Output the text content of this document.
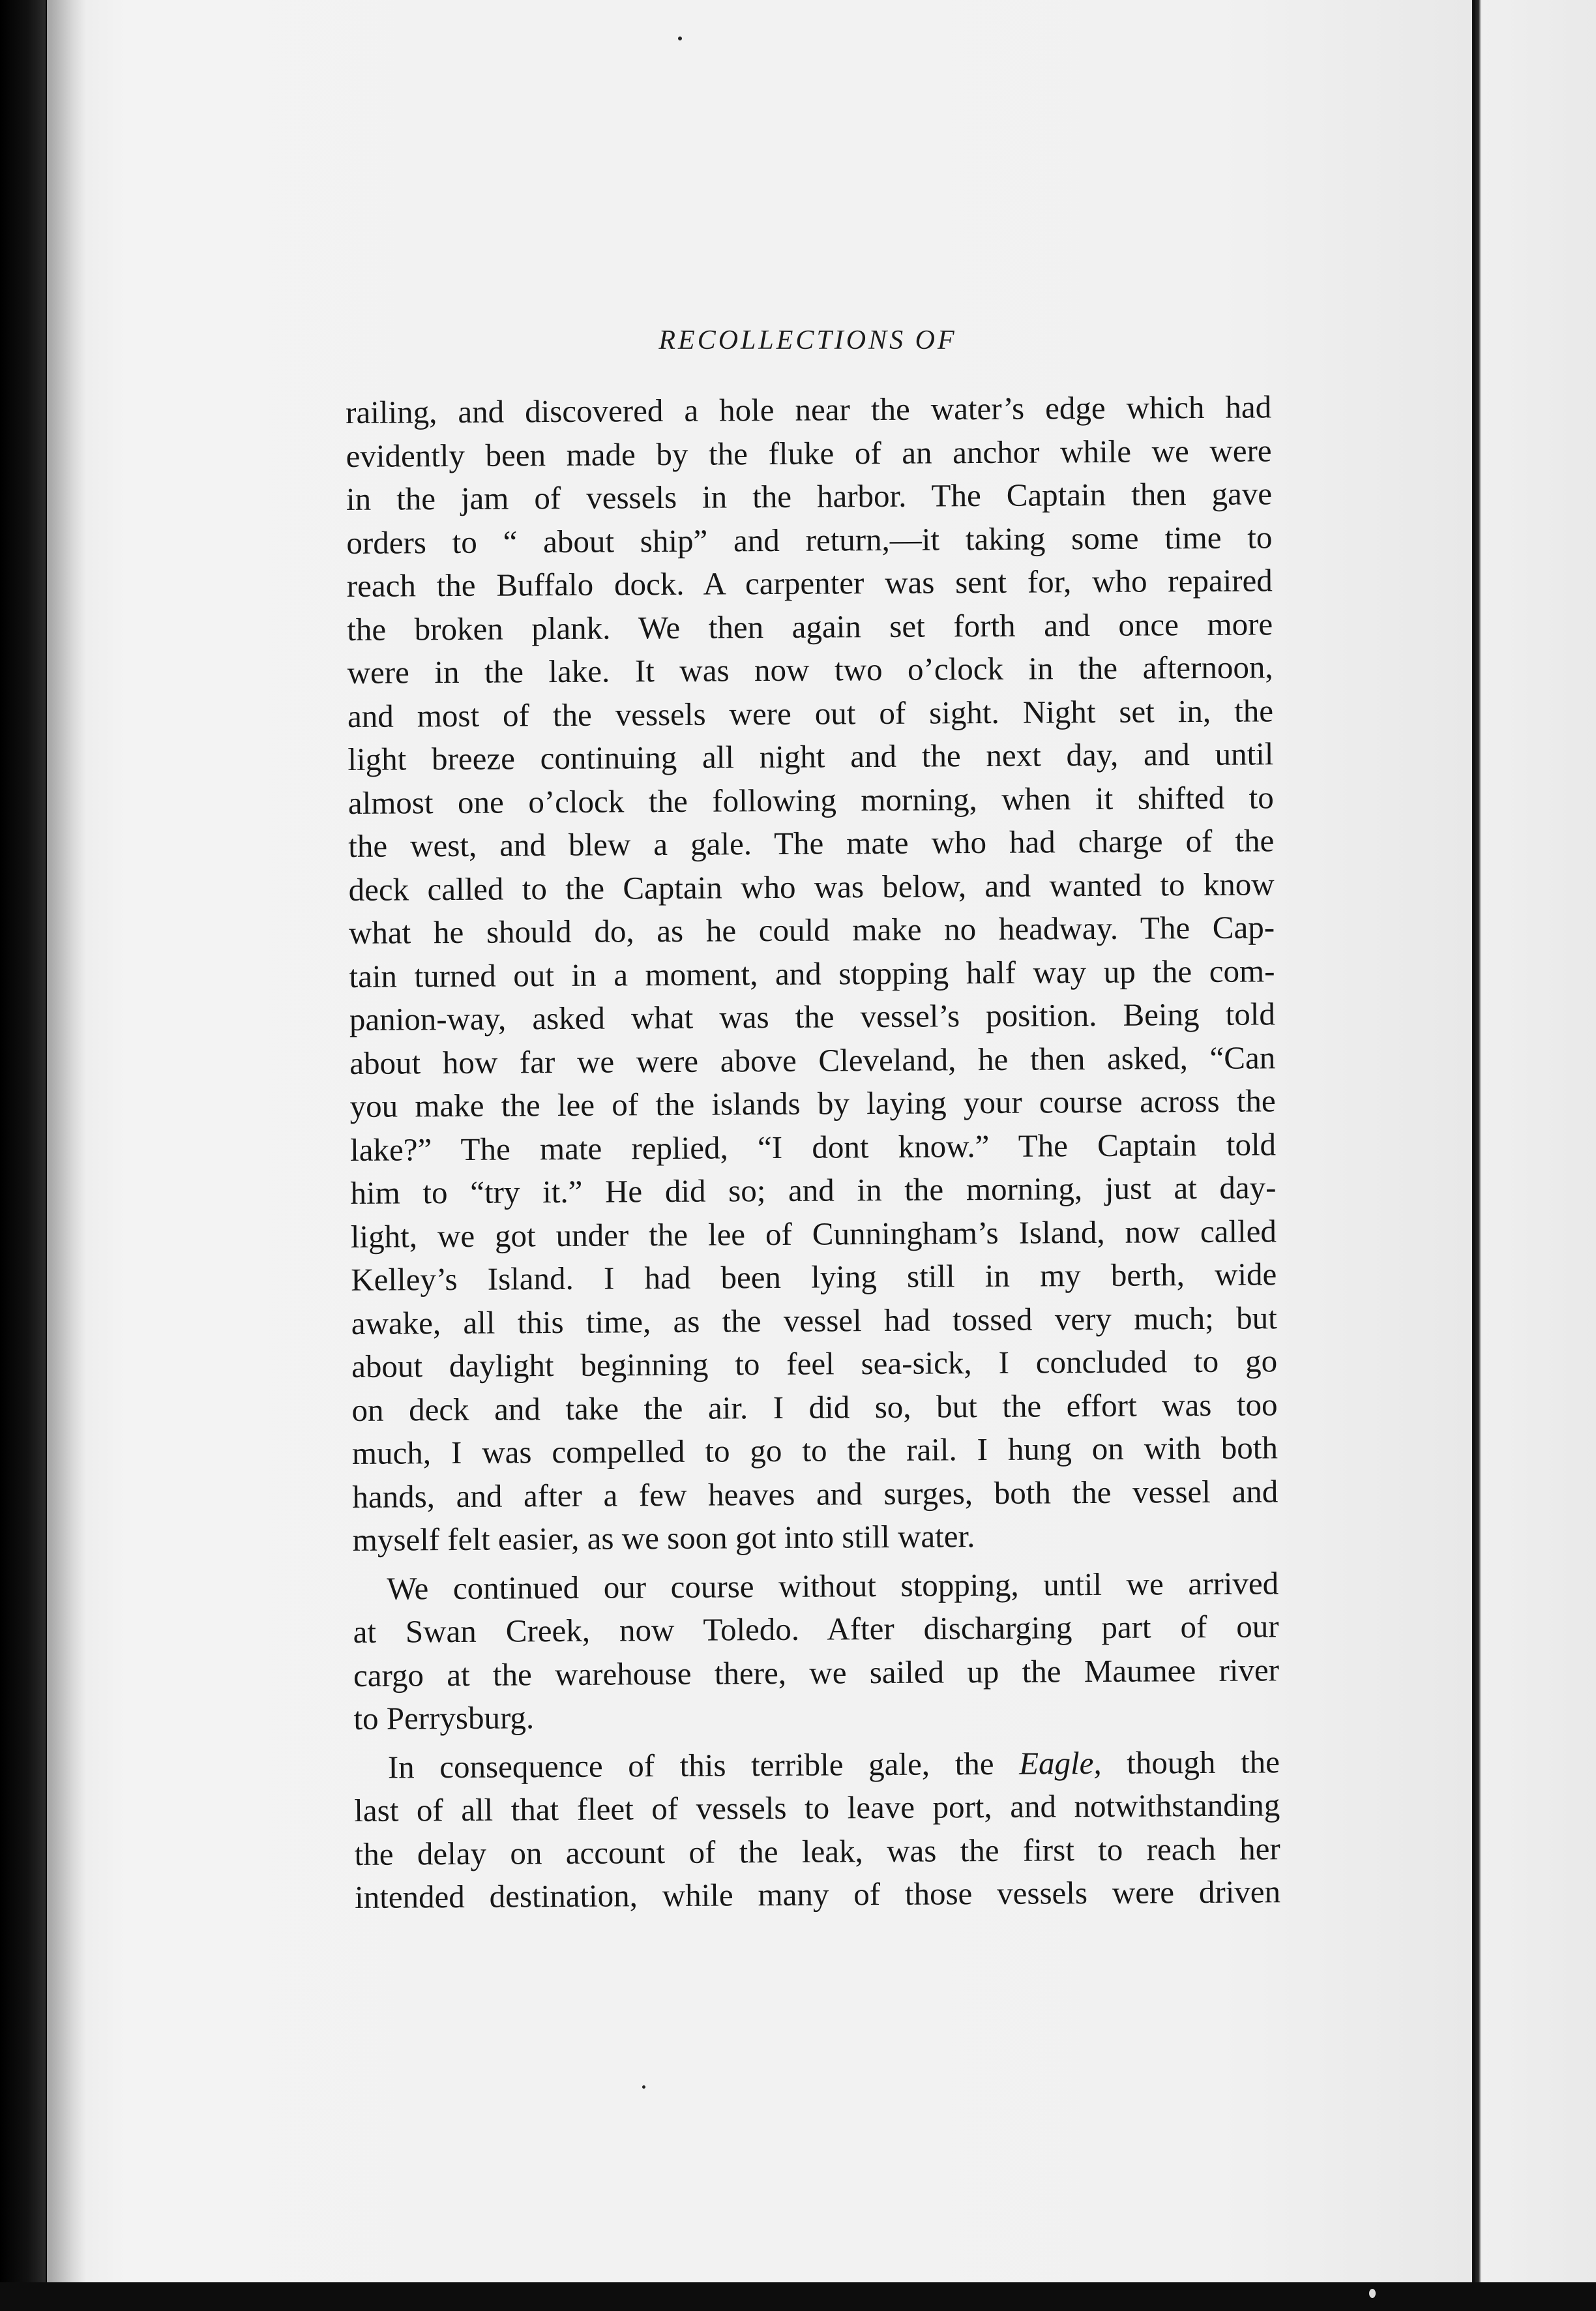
RECOLLECTIONS OF
railing, and discovered a hole near the water’s edge which had
evidently been made by the fluke of an anchor while we were
in the jam of vessels in the harbor. The Captain then gave
orders to “ about ship” and return,—it taking some time to
reach the Buffalo dock. A carpenter was sent for, who repaired
the broken plank. We then again set forth and once more
were in the lake. It was now two o’clock in the afternoon,
and most of the vessels were out of sight. Night set in, the
light breeze continuing all night and the next day, and until
almost one o’clock the following morning, when it shifted to
the west, and blew a gale. The mate who had charge of the
deck called to the Captain who was below, and wanted to know
what he should do, as he could make no headway. The Cap-
tain turned out in a moment, and stopping half way up the com-
panion-way, asked what was the vessel’s position. Being told
about how far we were above Cleveland, he then asked, “Can
you make the lee of the islands by laying your course across the
lake?” The mate replied, “I dont know.” The Captain told
him to “try it.” He did so; and in the morning, just at day-
light, we got under the lee of Cunningham’s Island, now called
Kelley’s Island. I had been lying still in my berth, wide
awake, all this time, as the vessel had tossed very much; but
about daylight beginning to feel sea-sick, I concluded to go
on deck and take the air. I did so, but the effort was too
much, I was compelled to go to the rail. I hung on with both
hands, and after a few heaves and surges, both the vessel and
myself felt easier, as we soon got into still water.
We continued our course without stopping, until we arrived
at Swan Creek, now Toledo. After discharging part of our
cargo at the warehouse there, we sailed up the Maumee river
to Perrysburg.
In consequence of this terrible gale, the Eagle, though the
last of all that fleet of vessels to leave port, and notwithstanding
the delay on account of the leak, was the first to reach her
intended destination, while many of those vessels were driven
